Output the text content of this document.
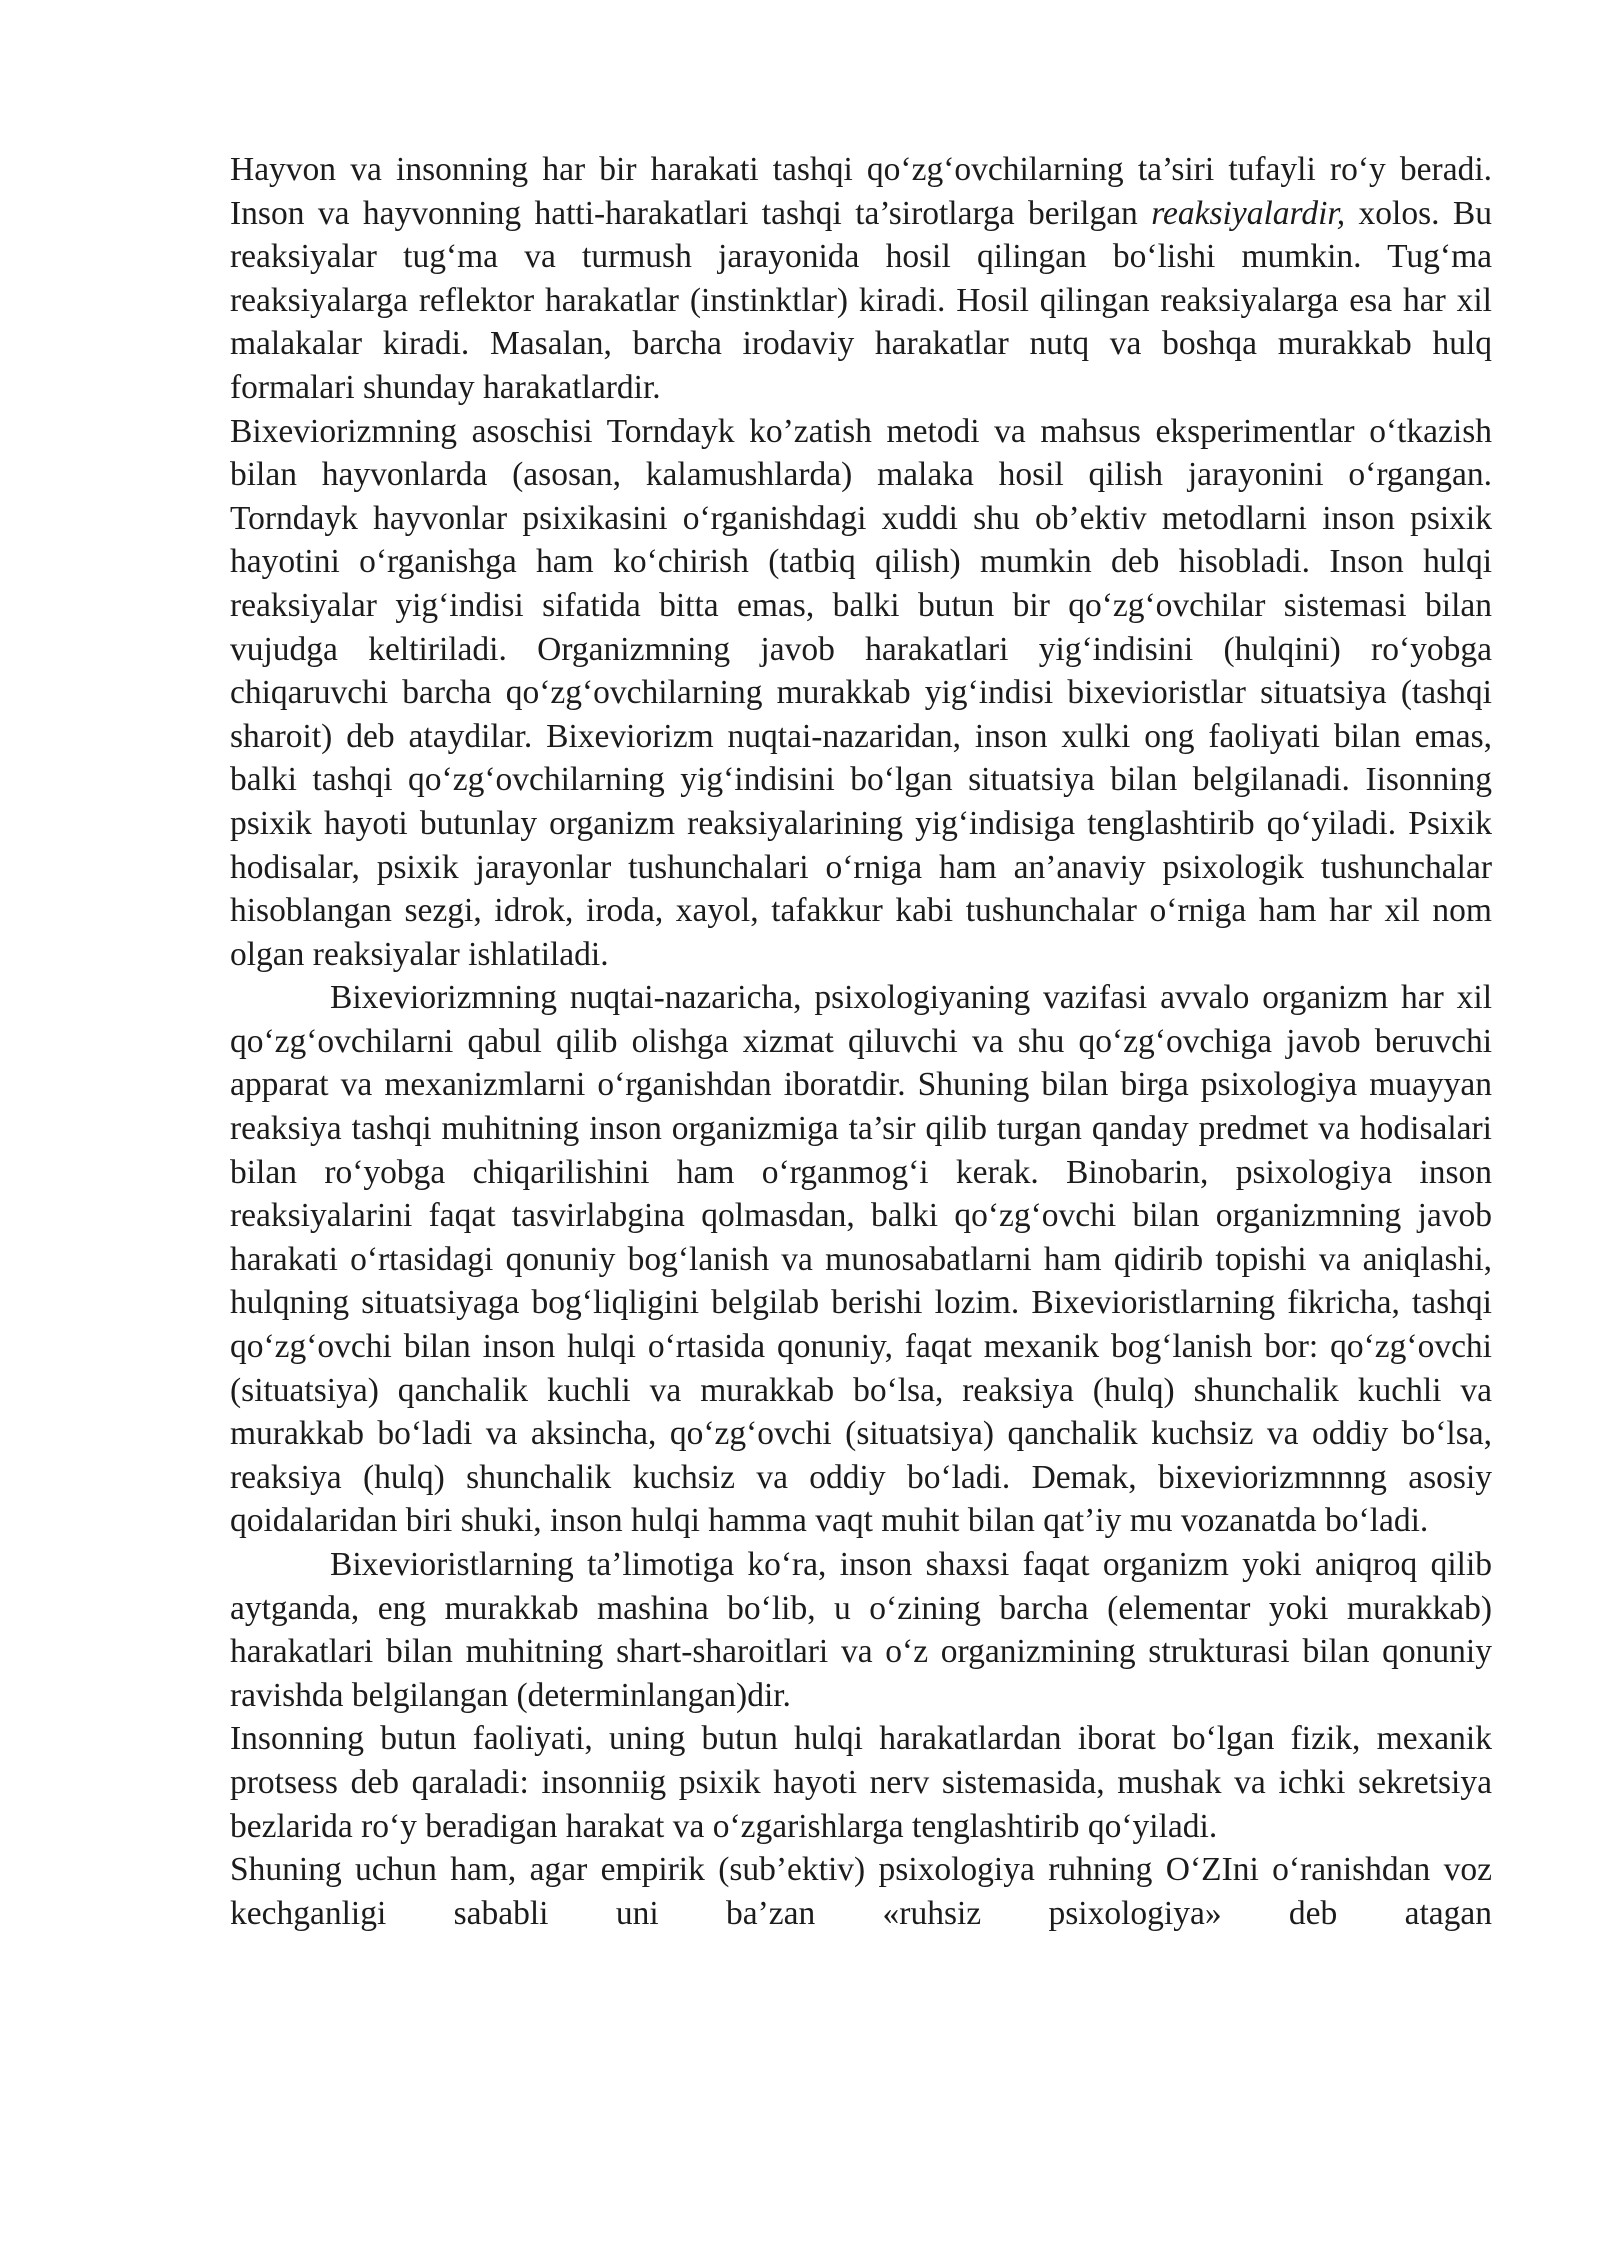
Hayvon va insonning har bir harakati tashqi qo‘zg‘ovchilarning ta’siri tufayli ro‘y beradi. Inson va hayvonning hatti-harakatlari tashqi ta’sirotlarga berilgan reaksiyalardir, xolos. Bu reaksiyalar tug‘ma va turmush jarayonida hosil qilingan bo‘lishi mumkin. Tug‘ma reaksiyalarga reflektor harakatlar (instinktlar) kiradi. Hosil qilingan reaksiyalarga esa har xil malakalar kiradi. Masalan, barcha irodaviy harakatlar nutq va boshqa murakkab hulq formalari shunday harakatlardir.

Bixeviorizmning asoschisi Torndayk ko’zatish metodi va mahsus eksperimentlar o‘tkazish bilan hayvonlarda (asosan, kalamushlarda) malaka hosil qilish jarayonini o‘rgangan. Torndayk hayvonlar psixikasini o‘rganishdagi xuddi shu ob’ektiv metodlarni inson psixik hayotini o‘rganishga ham ko‘chirish (tatbiq qilish) mumkin deb hisobladi. Inson hulqi reaksiyalar yig‘indisi sifatida bitta emas, balki butun bir qo‘zg‘ovchilar sistemasi bilan vujudga keltiriladi. Organizmning javob harakatlari yig‘indisini (hulqini) ro‘yobga chiqaruvchi barcha qo‘zg‘ovchilarning murakkab yig‘indisi bixevioristlar situatsiya (tashqi sharoit) deb ataydilar. Bixeviorizm nuqtai-nazaridan, inson xulki ong faoliyati bilan emas, balki tashqi qo‘zg‘ovchilarning yig‘indisini bo‘lgan situatsiya bilan belgilanadi. Iisonning psixik hayoti butunlay organizm reaksiyalarining yig‘indisiga tenglashtirib qo‘yiladi. Psixik hodisalar, psixik jarayonlar tushunchalari o‘rniga ham an’anaviy psixologik tushunchalar hisoblangan sezgi, idrok, iroda, xayol, tafakkur kabi tushunchalar o‘rniga ham har xil nom olgan reaksiyalar ishlatiladi.

Bixeviorizmning nuqtai-nazaricha, psixologiyaning vazifasi avvalo organizm har xil qo‘zg‘ovchilarni qabul qilib olishga xizmat qiluvchi va shu qo‘zg‘ovchiga javob beruvchi apparat va mexanizmlarni o‘rganishdan iboratdir. Shuning bilan birga psixologiya muayyan reaksiya tashqi muhitning inson organizmiga ta’sir qilib turgan qanday predmet va hodisalari bilan ro‘yobga chiqarilishini ham o‘rganmog‘i kerak. Binobarin, psixologiya inson reaksiyalarini faqat tasvirlabgina qolmasdan, balki qo‘zg‘ovchi bilan organizmning javob harakati o‘rtasidagi qonuniy bog‘lanish va munosabatlarni ham qidirib topishi va aniqlashi, hulqning situatsiyaga bog‘liqligini belgilab berishi lozim. Bixevioristlarning fikricha, tashqi qo‘zg‘ovchi bilan inson hulqi o‘rtasida qonuniy, faqat mexanik bog‘lanish bor: qo‘zg‘ovchi (situatsiya) qanchalik kuchli va murakkab bo‘lsa, reaksiya (hulq) shunchalik kuchli va murakkab bo‘ladi va aksincha, qo‘zg‘ovchi (situatsiya) qanchalik kuchsiz va oddiy bo‘lsa, reaksiya (hulq) shunchalik kuchsiz va oddiy bo‘ladi. Demak, bixeviorizmnnng asosiy qoidalaridan biri shuki, inson hulqi hamma vaqt muhit bilan qat’iy mu vozanatda bo‘ladi.

Bixevioristlarning ta’limotiga ko‘ra, inson shaxsi faqat organizm yoki aniqroq qilib aytganda, eng murakkab mashina bo‘lib, u o‘zining barcha (elementar yoki murakkab) harakatlari bilan muhitning shart-sharoitlari va o‘z organizmining strukturasi bilan qonuniy ravishda belgilangan (determinlangan)dir.

Insonning butun faoliyati, uning butun hulqi harakatlardan iborat bo‘lgan fizik, mexanik protsess deb qaraladi: insonniig psixik hayoti nerv sistemasida, mushak va ichki sekretsiya bezlarida ro‘y beradigan harakat va o‘zgarishlarga tenglashtirib qo‘yiladi.

Shuning uchun ham, agar empirik (sub’ektiv) psixologiya ruhning O‘ZIni o‘ranishdan voz kechganligi sababli uni ba’zan «ruhsiz psixologiya» deb atagan
